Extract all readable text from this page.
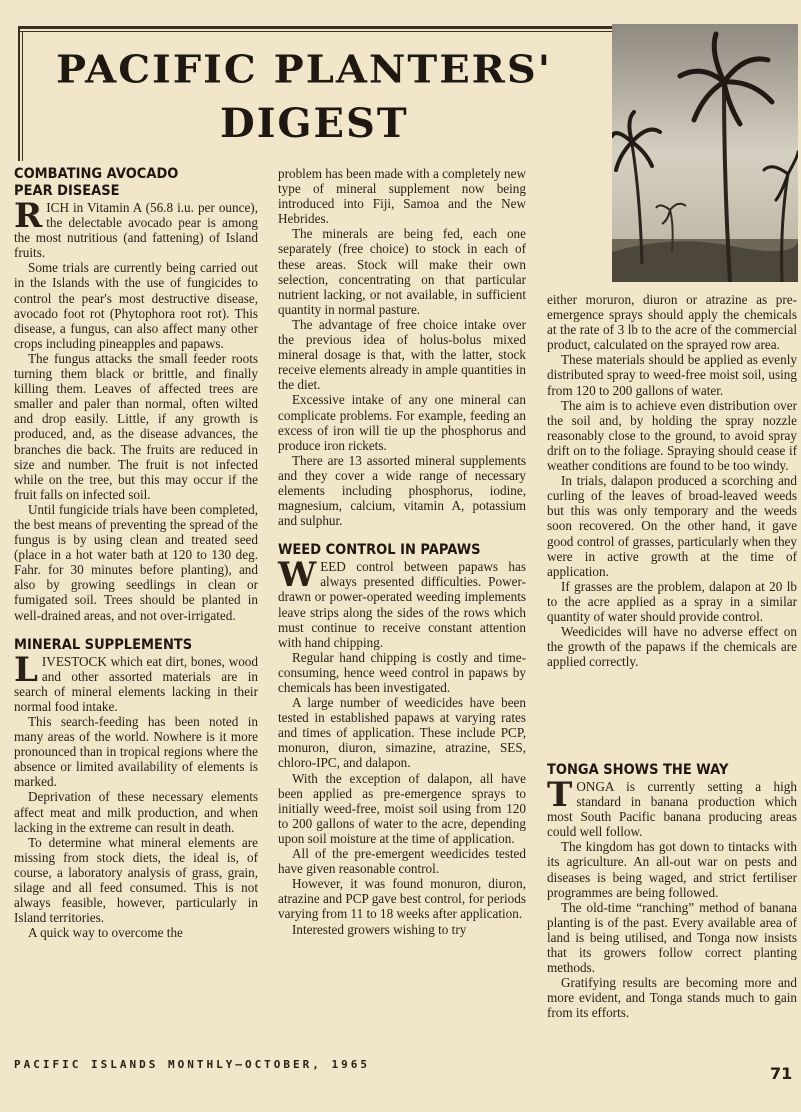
PACIFIC PLANTERS'
DIGEST
COMBATING AVOCADO
PEAR DISEASE

RICH in Vitamin A (56.8 i.u. per ounce), the delectable avocado pear is among the most nutritious (and fattening) of Island fruits.

Some trials are currently being carried out in the Islands with the use of fungicides to control the pear's most destructive disease, avocado foot rot (Phytophora root rot). This disease, a fungus, can also affect many other crops including pineapples and papaws.

The fungus attacks the small feeder roots turning them black or brittle, and finally killing them. Leaves of affected trees are smaller and paler than normal, often wilted and drop easily. Little, if any growth is produced, and, as the disease advances, the branches die back. The fruits are reduced in size and number. The fruit is not infected while on the tree, but this may occur if the fruit falls on infected soil.

Until fungicide trials have been completed, the best means of preventing the spread of the fungus is by using clean and treated seed (place in a hot water bath at 120 to 130 deg. Fahr. for 30 minutes before planting), and also by growing seedlings in clean or fumigated soil. Trees should be planted in well-drained areas, and not over-irrigated.

MINERAL SUPPLEMENTS

LIVESTOCK which eat dirt, bones, wood and other assorted materials are in search of mineral elements lacking in their normal food intake.

This search-feeding has been noted in many areas of the world. Nowhere is it more pronounced than in tropical regions where the absence or limited availability of elements is marked.

Deprivation of these necessary elements affect meat and milk production, and when lacking in the extreme can result in death.

To determine what mineral elements are missing from stock diets, the ideal is, of course, a laboratory analysis of grass, grain, silage and all feed consumed. This is not always feasible, however, particularly in Island territories.

A quick way to overcome the

problem has been made with a completely new type of mineral supplement now being introduced into Fiji, Samoa and the New Hebrides.

The minerals are being fed, each one separately (free choice) to stock in each of these areas. Stock will make their own selection, concentrating on that particular nutrient lacking, or not available, in sufficient quantity in normal pasture.

The advantage of free choice intake over the previous idea of holus-bolus mixed mineral dosage is that, with the latter, stock receive elements already in ample quantities in the diet.

Excessive intake of any one mineral can complicate problems. For example, feeding an excess of iron will tie up the phosphorus and produce iron rickets.

There are 13 assorted mineral supplements and they cover a wide range of necessary elements including phosphorus, iodine, magnesium, calcium, vitamin A, potassium and sulphur.

WEED CONTROL IN PAPAWS

WEED control between papaws has always presented difficulties. Power-drawn or power-operated weeding implements leave strips along the sides of the rows which must continue to receive constant attention with hand chipping.

Regular hand chipping is costly and time-consuming, hence weed control in papaws by chemicals has been investigated.

A large number of weedicides have been tested in established papaws at varying rates and times of application. These include PCP, monuron, diuron, simazine, atrazine, SES, chloro-IPC, and dalapon.

With the exception of dalapon, all have been applied as pre-emergence sprays to initially weed-free, moist soil using from 120 to 200 gallons of water to the acre, depending upon soil moisture at the time of application.

All of the pre-emergent weedicides tested have given reasonable control.

However, it was found monuron, diuron, atrazine and PCP gave best control, for periods varying from 11 to 18 weeks after application.

Interested growers wishing to try

either moruron, diuron or atrazine as pre-emergence sprays should apply the chemicals at the rate of 3 lb to the acre of the commercial product, calculated on the sprayed row area.

These materials should be applied as evenly distributed spray to weed-free moist soil, using from 120 to 200 gallons of water.

The aim is to achieve even distribution over the soil and, by holding the spray nozzle reasonably close to the ground, to avoid spray drift on to the foliage. Spraying should cease if weather conditions are found to be too windy.

In trials, dalapon produced a scorching and curling of the leaves of broad-leaved weeds but this was only temporary and the weeds soon recovered. On the other hand, it gave good control of grasses, particularly when they were in active growth at the time of application.

If grasses are the problem, dalapon at 20 lb to the acre applied as a spray in a similar quantity of water should provide control.

Weedicides will have no adverse effect on the growth of the papaws if the chemicals are applied correctly.

TONGA SHOWS THE WAY

TONGA is currently setting a high standard in banana production which most South Pacific banana producing areas could well follow.

The kingdom has got down to tintacks with its agriculture. An all-out war on pests and diseases is being waged, and strict fertiliser programmes are being followed.

The old-time “ranching” method of banana planting is of the past. Every available area of land is being utilised, and Tonga now insists that its growers follow correct planting methods.

Gratifying results are becoming more and more evident, and Tonga stands much to gain from its efforts.

PACIFIC ISLANDS MONTHLY—OCTOBER, 1965	71
